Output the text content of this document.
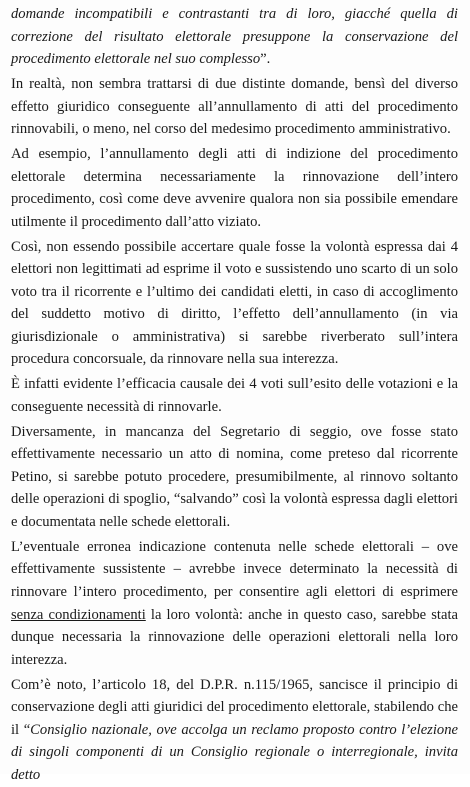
domande incompatibili e contrastanti tra di loro, giacché quella di correzione del risultato elettorale presuppone la conservazione del procedimento elettorale nel suo complesso”.

In realtà, non sembra trattarsi di due distinte domande, bensì del diverso effetto giuridico conseguente all’annullamento di atti del procedimento rinnovabili, o meno, nel corso del medesimo procedimento amministrativo.

Ad esempio, l’annullamento degli atti di indizione del procedimento elettorale determina necessariamente la rinnovazione dell’intero procedimento, così come deve avvenire qualora non sia possibile emendare utilmente il procedimento dall’atto viziato.

Così, non essendo possibile accertare quale fosse la volontà espressa dai 4 elettori non legittimati ad esprime il voto e sussistendo uno scarto di un solo voto tra il ricorrente e l’ultimo dei candidati eletti, in caso di accoglimento del suddetto motivo di diritto, l’effetto dell’annullamento (in via giurisdizionale o amministrativa) si sarebbe riverberato sull’intera procedura concorsuale, da rinnovare nella sua interezza.

È infatti evidente l’efficacia causale dei 4 voti sull’esito delle votazioni e la conseguente necessità di rinnovarle.

Diversamente, in mancanza del Segretario di seggio, ove fosse stato effettivamente necessario un atto di nomina, come preteso dal ricorrente Petino, si sarebbe potuto procedere, presumibilmente, al rinnovo soltanto delle operazioni di spoglio, “salvando” così la volontà espressa dagli elettori e documentata nelle schede elettorali.

L’eventuale erronea indicazione contenuta nelle schede elettorali – ove effettivamente sussistente – avrebbe invece determinato la necessità di rinnovare l’intero procedimento, per consentire agli elettori di esprimere senza condizionamenti la loro volontà: anche in questo caso, sarebbe stata dunque necessaria la rinnovazione delle operazioni elettorali nella loro interezza.

Com’è noto, l’articolo 18, del D.P.R. n.115/1965, sancisce il principio di conservazione degli atti giuridici del procedimento elettorale, stabilendo che il “Consiglio nazionale, ove accolga un reclamo proposto contro l’elezione di singoli componenti di un Consiglio regionale o interregionale, invita detto
